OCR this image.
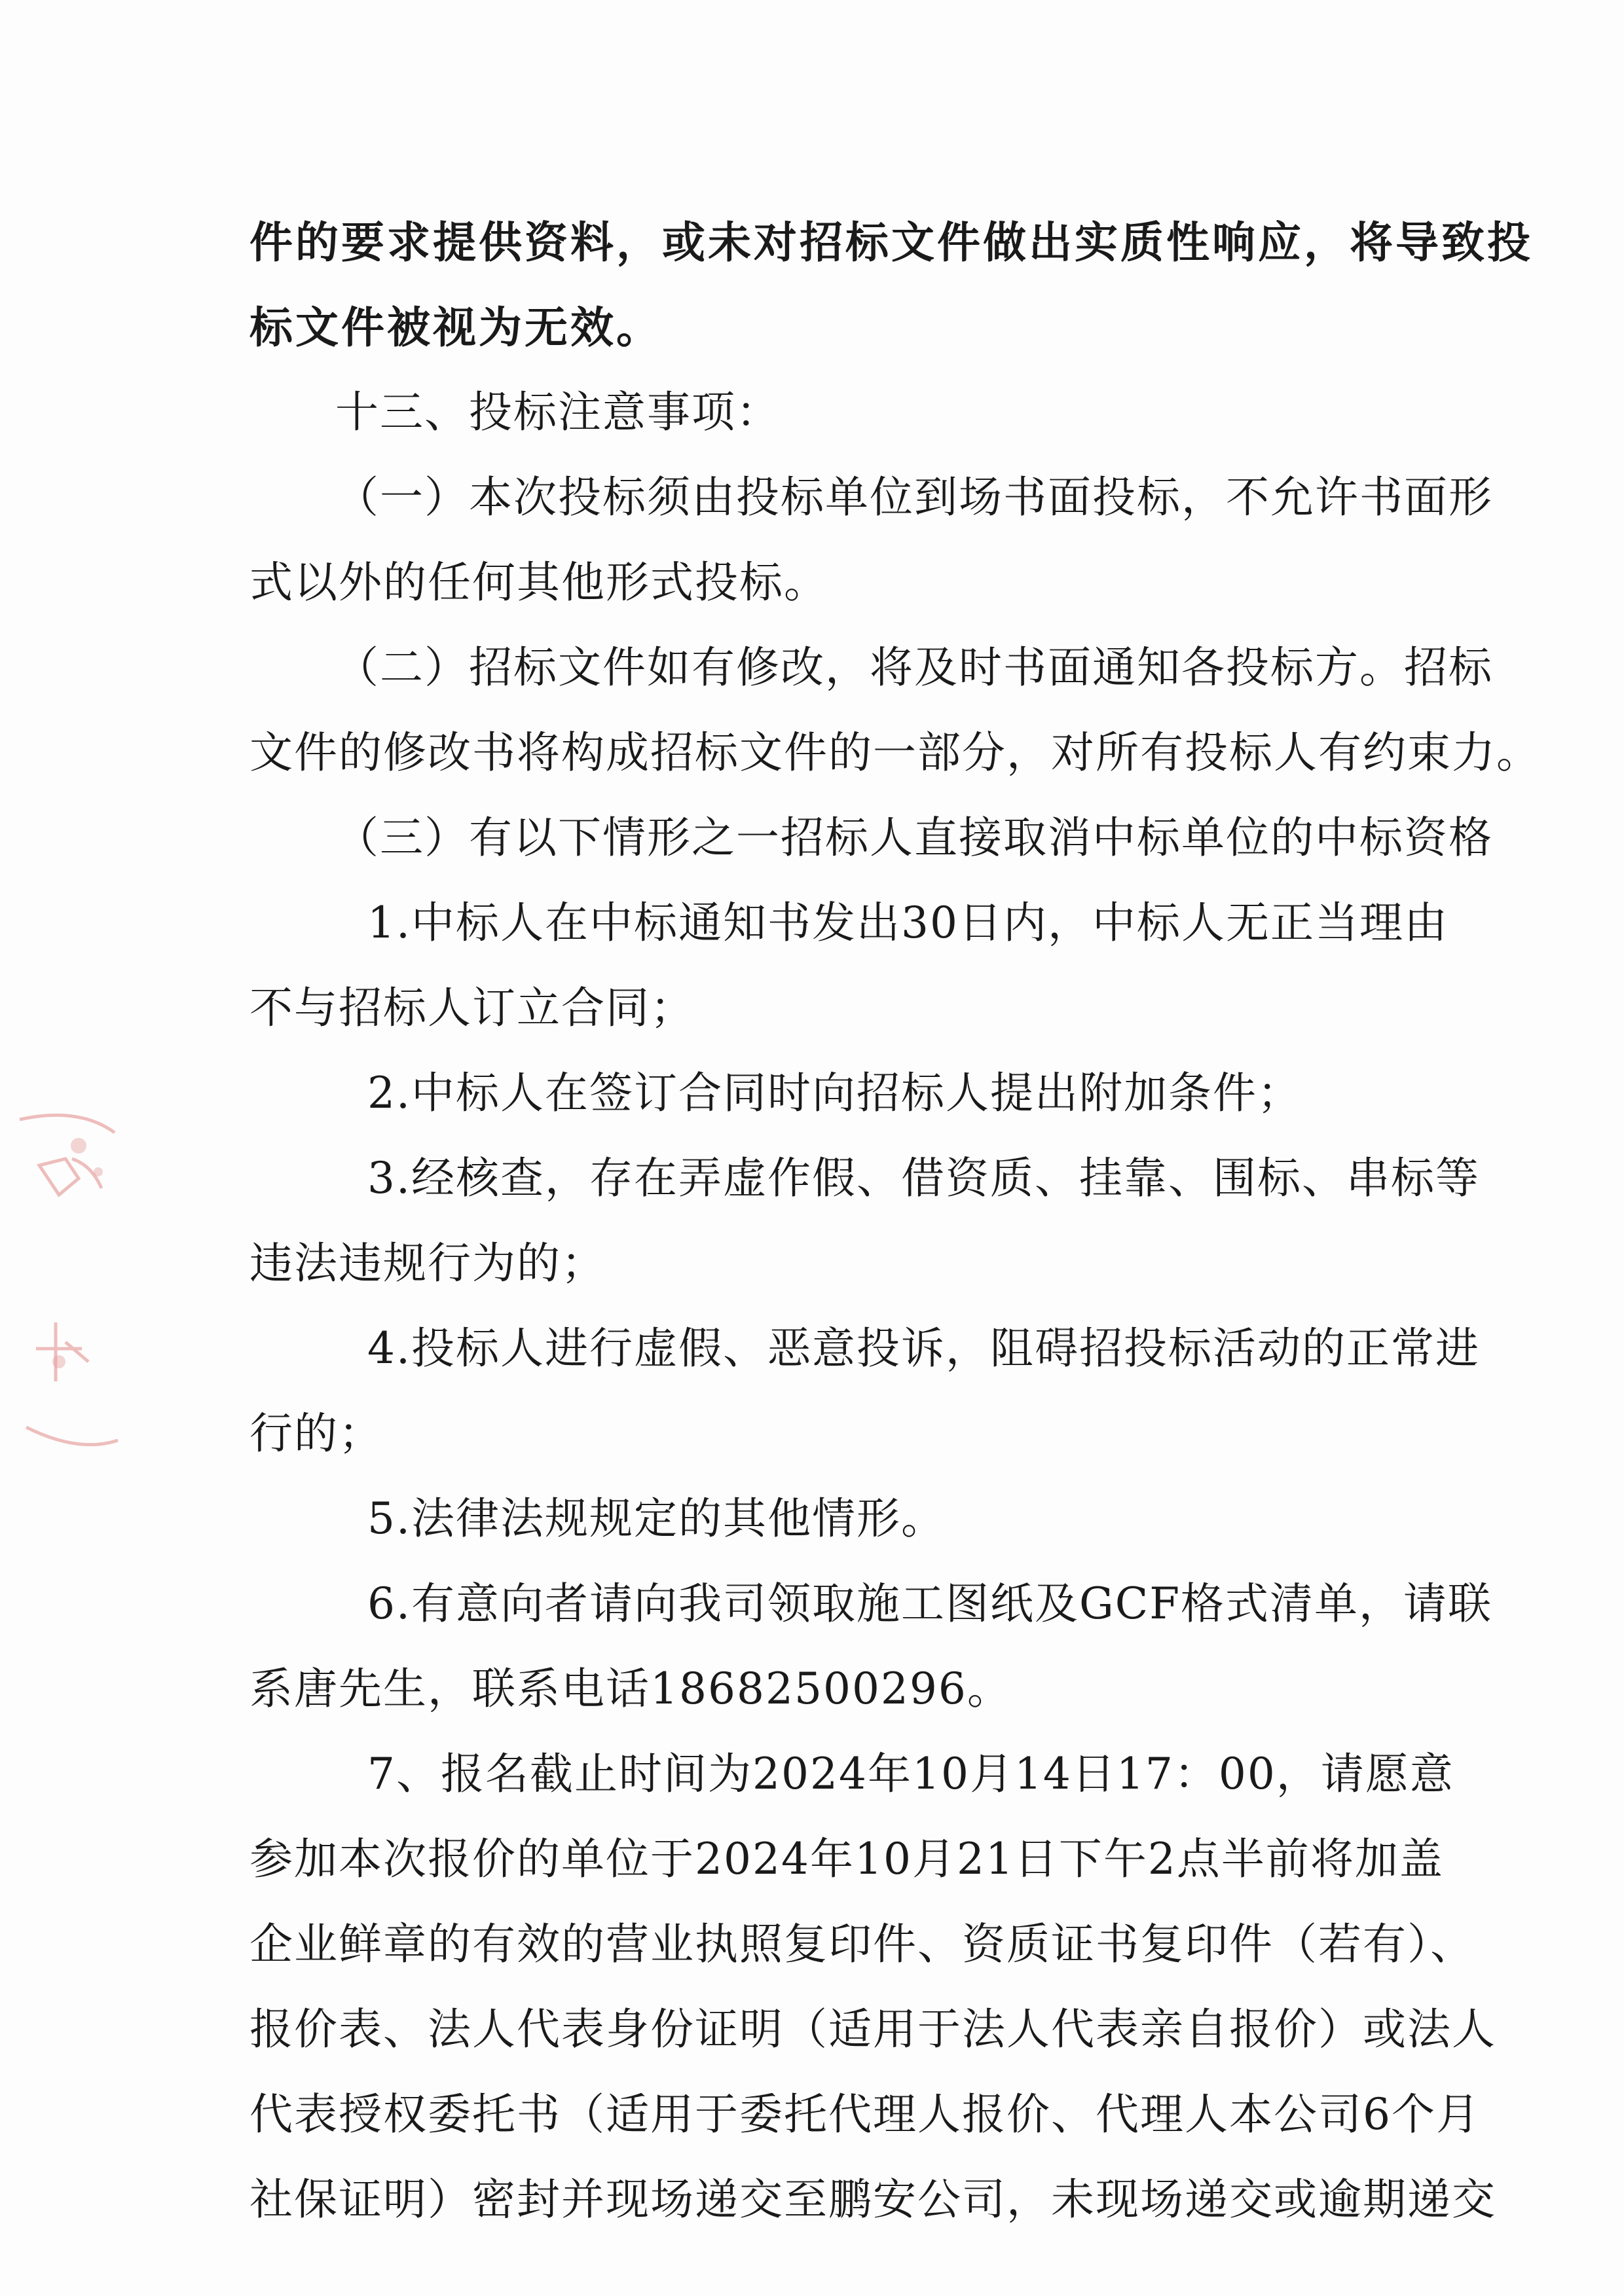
件的要求提供资料，或未对招标文件做出实质性响应，将导致投
标文件被视为无效。
十三、投标注意事项：
（一）本次投标须由投标单位到场书面投标，不允许书面形
式以外的任何其他形式投标。
（二）招标文件如有修改，将及时书面通知各投标方。招标
文件的修改书将构成招标文件的一部分，对所有投标人有约束力。
（三）有以下情形之一招标人直接取消中标单位的中标资格
1.中标人在中标通知书发出30日内，中标人无正当理由
不与招标人订立合同；
2.中标人在签订合同时向招标人提出附加条件；
3.经核查，存在弄虚作假、借资质、挂靠、围标、串标等
违法违规行为的；
4.投标人进行虚假、恶意投诉，阻碍招投标活动的正常进
行的；
5.法律法规规定的其他情形。
6.有意向者请向我司领取施工图纸及GCF格式清单，请联
系唐先生，联系电话18682500296。
7、报名截止时间为2024年10月14日17：00，请愿意
参加本次报价的单位于2024年10月21日下午2点半前将加盖
企业鲜章的有效的营业执照复印件、资质证书复印件（若有）、
报价表、法人代表身份证明（适用于法人代表亲自报价）或法人
代表授权委托书（适用于委托代理人报价、代理人本公司6个月
社保证明）密封并现场递交至鹏安公司，未现场递交或逾期递交
